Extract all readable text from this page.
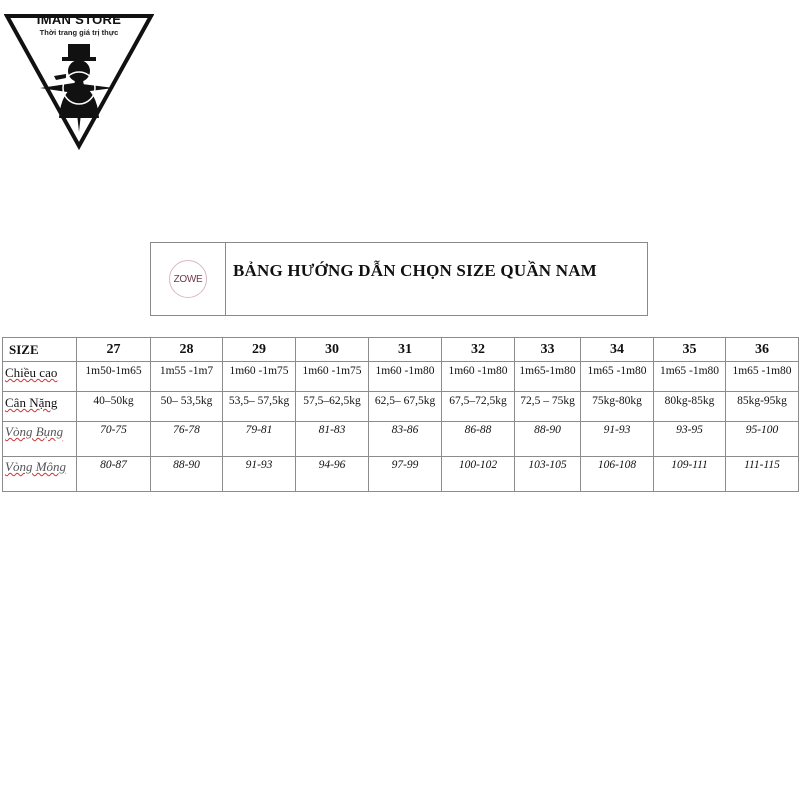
IMAN STORE
Thời trang giá trị thực
ZOWE BẢNG HƯỚNG DẪN CHỌN SIZE QUẦN NAM
SIZE	27	28	29	30	31	32	33	34	35	36
Chiều cao	1m50-1m65	1m55 -1m7	1m60 -1m75	1m60 -1m75	1m60 -1m80	1m60 -1m80	1m65-1m80	1m65 -1m80	1m65 -1m80	1m65 -1m80
Cân Nặng	40–50kg	50– 53,5kg	53,5– 57,5kg	57,5–62,5kg	62,5– 67,5kg	67,5–72,5kg	72,5 – 75kg	75kg-80kg	80kg-85kg	85kg-95kg
Vòng Bụng	70-75	76-78	79-81	81-83	83-86	86-88	88-90	91-93	93-95	95-100
Vòng Mông	80-87	88-90	91-93	94-96	97-99	100-102	103-105	106-108	109-111	111-115
